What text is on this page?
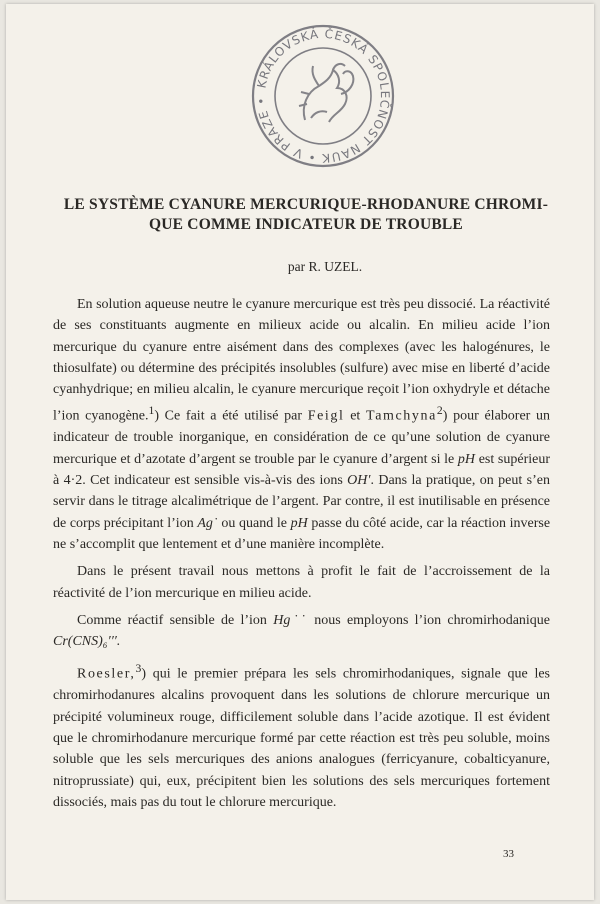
KRÁLOVSKÁ ČESKÁ SPOLEČNOST NAUK • V PRAZE •
LE SYSTÈME CYANURE MERCURIQUE-RHODANURE CHROMI-
QUE COMME INDICATEUR DE TROUBLE
par R. UZEL.

En solution aqueuse neutre le cyanure mercurique est très peu dissocié. La réactivité de ses constituants augmente en milieux acide ou alcalin. En milieu acide l’ion mercurique du cyanure entre aisément dans des complexes (avec les halogénures, le thiosulfate) ou détermine des précipités insolubles (sulfure) avec mise en liberté d’acide cyanhydrique; en milieu alcalin, le cyanure mercurique reçoit l’ion oxhydryle et détache l’ion cyanogène.$^1$) Ce fait a été utilisé par Feigl et Tamchyna$^2$) pour élaborer un indicateur de trouble inorganique, en considération de ce qu’une solution de cyanure mercurique et d’azotate d’argent se trouble par le cyanure d’argent si le pH est supérieur à 4·2. Cet indicateur est sensible vis-à-vis des ions OH′. Dans la pratique, on peut s’en servir dans le titrage alcalimétrique de l’argent. Par contre, il est inutilisable en présence de corps précipitant l’ion Ag˙ ou quand le pH passe du côté acide, car la réaction inverse ne s’accomplit que lentement et d’une manière incomplète.

Dans le présent travail nous mettons à profit le fait de l’accroissement de la réactivité de l’ion mercurique en milieu acide.

Comme réactif sensible de l’ion Hg˙˙ nous employons l’ion chromirhodanique Cr(CNS)₆′′′.

Roesler,$^3$) qui le premier prépara les sels chromirhodaniques, signale que les chromirhodanures alcalins provoquent dans les solutions de chlorure mercurique un précipité volumineux rouge, difficilement soluble dans l’acide azotique. Il est évident que le chromirhodanure mercurique formé par cette réaction est très peu soluble, moins soluble que les sels mercuriques des anions analogues (ferricyanure, cobalticyanure, nitroprussiate) qui, eux, précipitent bien les solutions des sels mercuriques fortement dissociés, mais pas du tout le chlorure mercurique.

33
